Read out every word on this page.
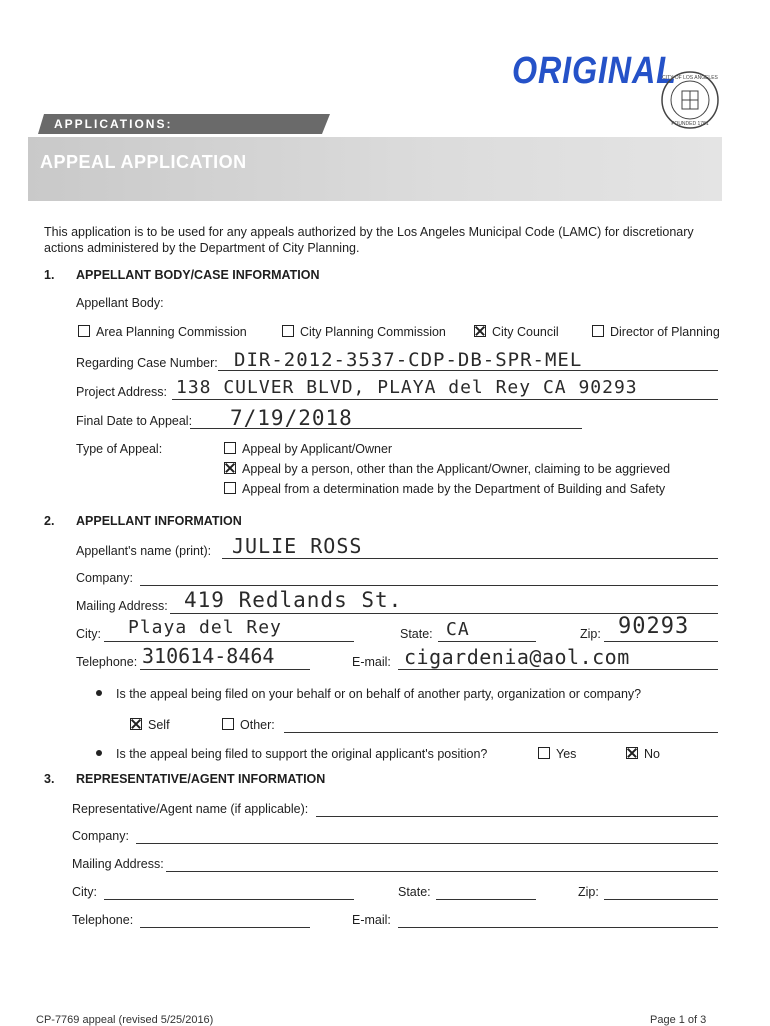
ORIGINAL
CITY OF LOS ANGELES
FOUNDED 1781
APPLICATIONS:
APPEAL APPLICATION
This application is to be used for any appeals authorized by the Los Angeles Municipal Code (LAMC) for discretionary actions administered by the Department of City Planning.
1. APPELLANT BODY/CASE INFORMATION
Appellant Body:
Area Planning Commission	City Planning Commission	City Council	Director of Planning
Regarding Case Number: DIR-2012-3537-CDP-DB-SPR-MEL
Project Address: 138 CULVER BLVD, PLAYA del Rey CA 90293
Final Date to Appeal: 7/19/2018
Type of Appeal:	Appeal by Applicant/Owner
Appeal by a person, other than the Applicant/Owner, claiming to be aggrieved
Appeal from a determination made by the Department of Building and Safety
2. APPELLANT INFORMATION
Appellant's name (print): JULIE ROSS
Company:
Mailing Address: 419 Redlands St.
City: Playa del Rey	State: CA	Zip: 90293
Telephone: 310614-8464	E-mail: cigardenia@aol.com
Is the appeal being filed on your behalf or on behalf of another party, organization or company?
Self	Other:
Is the appeal being filed to support the original applicant's position?	Yes	No
3. REPRESENTATIVE/AGENT INFORMATION
Representative/Agent name (if applicable):
Company:
Mailing Address:
City:	State:	Zip:
Telephone:	E-mail:
CP-7769 appeal (revised 5/25/2016)	Page 1 of 3
